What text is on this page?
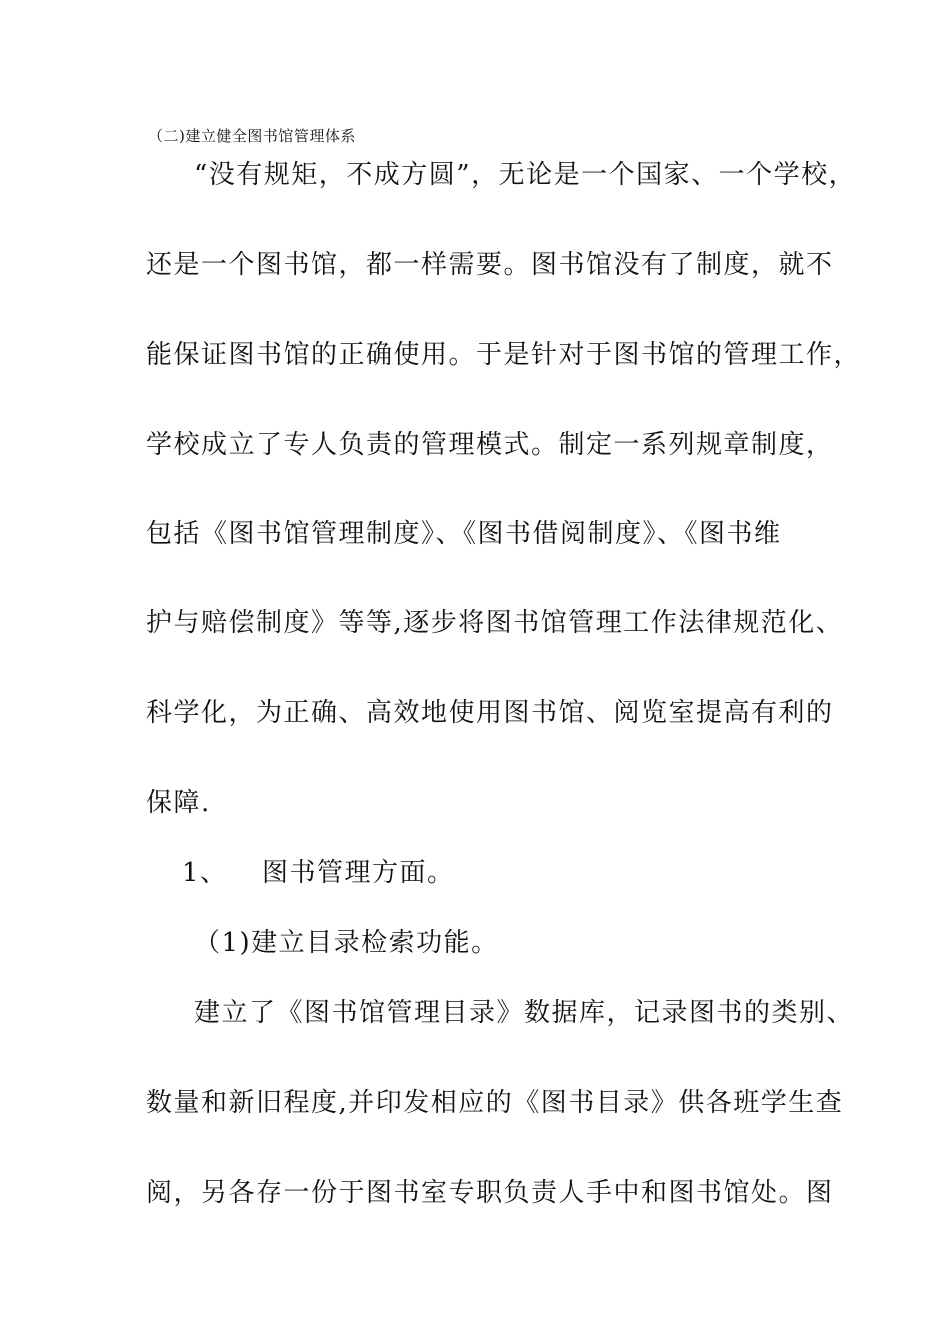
（二)建立健全图书馆管理体系
“没有规矩，不成方圆”，无论是一个国家、一个学校，
还是一个图书馆，都一样需要。图书馆没有了制度，就不
能保证图书馆的正确使用。于是针对于图书馆的管理工作，
学校成立了专人负责的管理模式。制定一系列规章制度，
包括《图书馆管理制度》、《图书借阅制度》、《图书维
护与赔偿制度》等等,逐步将图书馆管理工作法律规范化、
科学化，为正确、高效地使用图书馆、阅览室提高有利的
保障.
1、 图书管理方面。
（1)建立目录检索功能。
建立了《图书馆管理目录》数据库，记录图书的类别、
数量和新旧程度,并印发相应的《图书目录》供各班学生查
阅，另各存一份于图书室专职负责人手中和图书馆处。图
